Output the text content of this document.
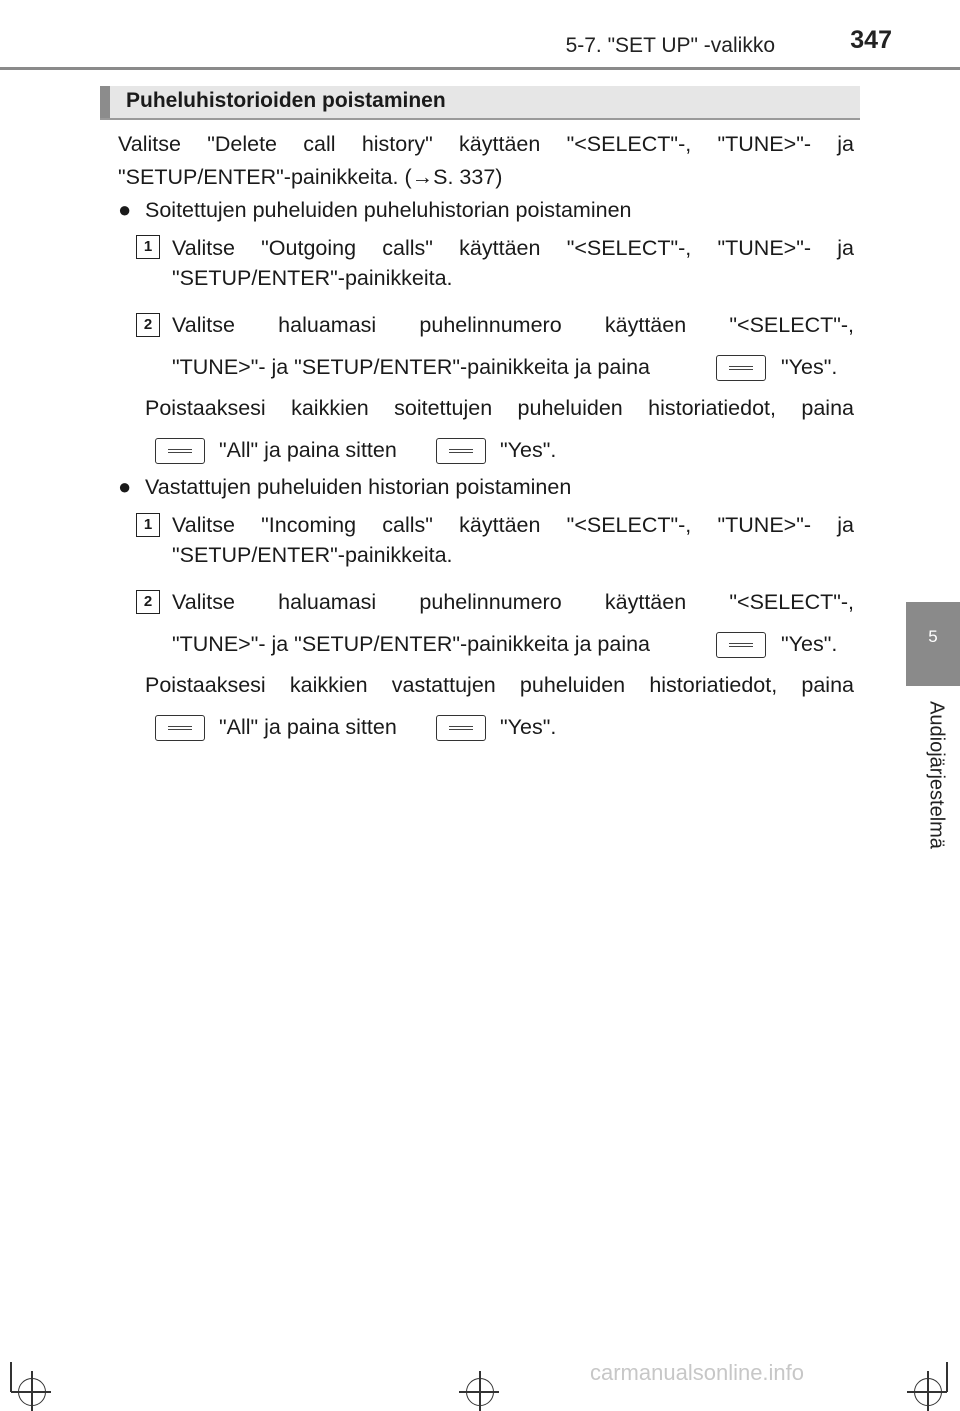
5-7. "SET UP" -valikko	347
5
Audiojärjestelmä
Puheluhistorioiden poistaminen
Valitse "Delete call history" käyttäen "<SELECT"-, "TUNE>"- ja
"SETUP/ENTER"-painikkeita. (→S. 337)
● Soitettujen puheluiden puheluhistorian poistaminen
1 Valitse "Outgoing calls" käyttäen "<SELECT"-, "TUNE>"- ja
"SETUP/ENTER"-painikkeita.
2 Valitse haluamasi puhelinnumero käyttäen "<SELECT"-,
"TUNE>"- ja "SETUP/ENTER"-painikkeita ja paina	"Yes".
Poistaaksesi kaikkien soitettujen puheluiden historiatiedot, paina
"All" ja paina sitten	"Yes".
● Vastattujen puheluiden historian poistaminen
1 Valitse "Incoming calls" käyttäen "<SELECT"-, "TUNE>"- ja
"SETUP/ENTER"-painikkeita.
2 Valitse haluamasi puhelinnumero käyttäen "<SELECT"-,
"TUNE>"- ja "SETUP/ENTER"-painikkeita ja paina	"Yes".
Poistaaksesi kaikkien vastattujen puheluiden historiatiedot, paina
"All" ja paina sitten	"Yes".
carmanualsonline.info
